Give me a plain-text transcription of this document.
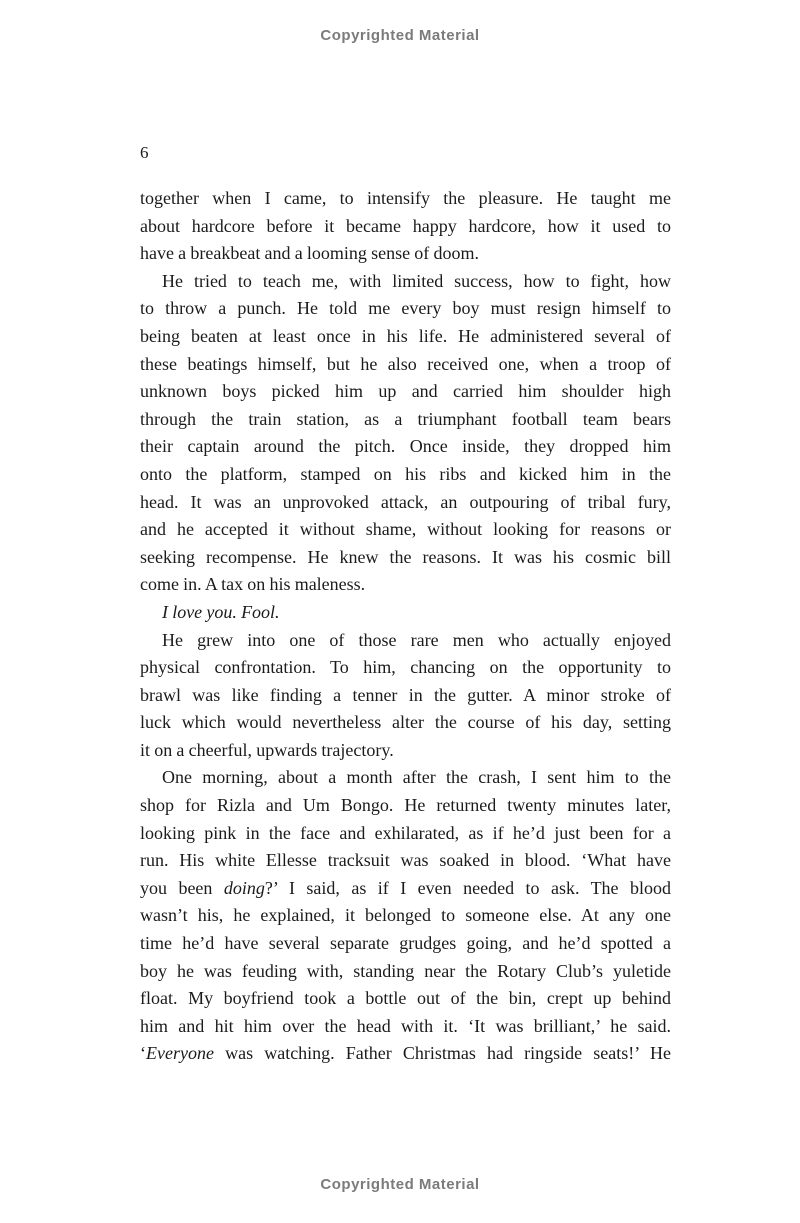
Copyrighted Material
6
together when I came, to intensify the pleasure. He taught me
about hardcore before it became happy hardcore, how it used to
have a breakbeat and a looming sense of doom.
He tried to teach me, with limited success, how to fight, how
to throw a punch. He told me every boy must resign himself to
being beaten at least once in his life. He administered several of
these beatings himself, but he also received one, when a troop of
unknown boys picked him up and carried him shoulder high
through the train station, as a triumphant football team bears
their captain around the pitch. Once inside, they dropped him
onto the platform, stamped on his ribs and kicked him in the
head. It was an unprovoked attack, an outpouring of tribal fury,
and he accepted it without shame, without looking for reasons or
seeking recompense. He knew the reasons. It was his cosmic bill
come in. A tax on his maleness.
I love you. Fool.
He grew into one of those rare men who actually enjoyed
physical confrontation. To him, chancing on the opportunity to
brawl was like finding a tenner in the gutter. A minor stroke of
luck which would nevertheless alter the course of his day, setting
it on a cheerful, upwards trajectory.
One morning, about a month after the crash, I sent him to the
shop for Rizla and Um Bongo. He returned twenty minutes later,
looking pink in the face and exhilarated, as if he’d just been for a
run. His white Ellesse tracksuit was soaked in blood. ‘What have
you been doing?’ I said, as if I even needed to ask. The blood
wasn’t his, he explained, it belonged to someone else. At any one
time he’d have several separate grudges going, and he’d spotted a
boy he was feuding with, standing near the Rotary Club’s yuletide
float. My boyfriend took a bottle out of the bin, crept up behind
him and hit him over the head with it. ‘It was brilliant,’ he said.
‘Everyone was watching. Father Christmas had ringside seats!’ He
Copyrighted Material
